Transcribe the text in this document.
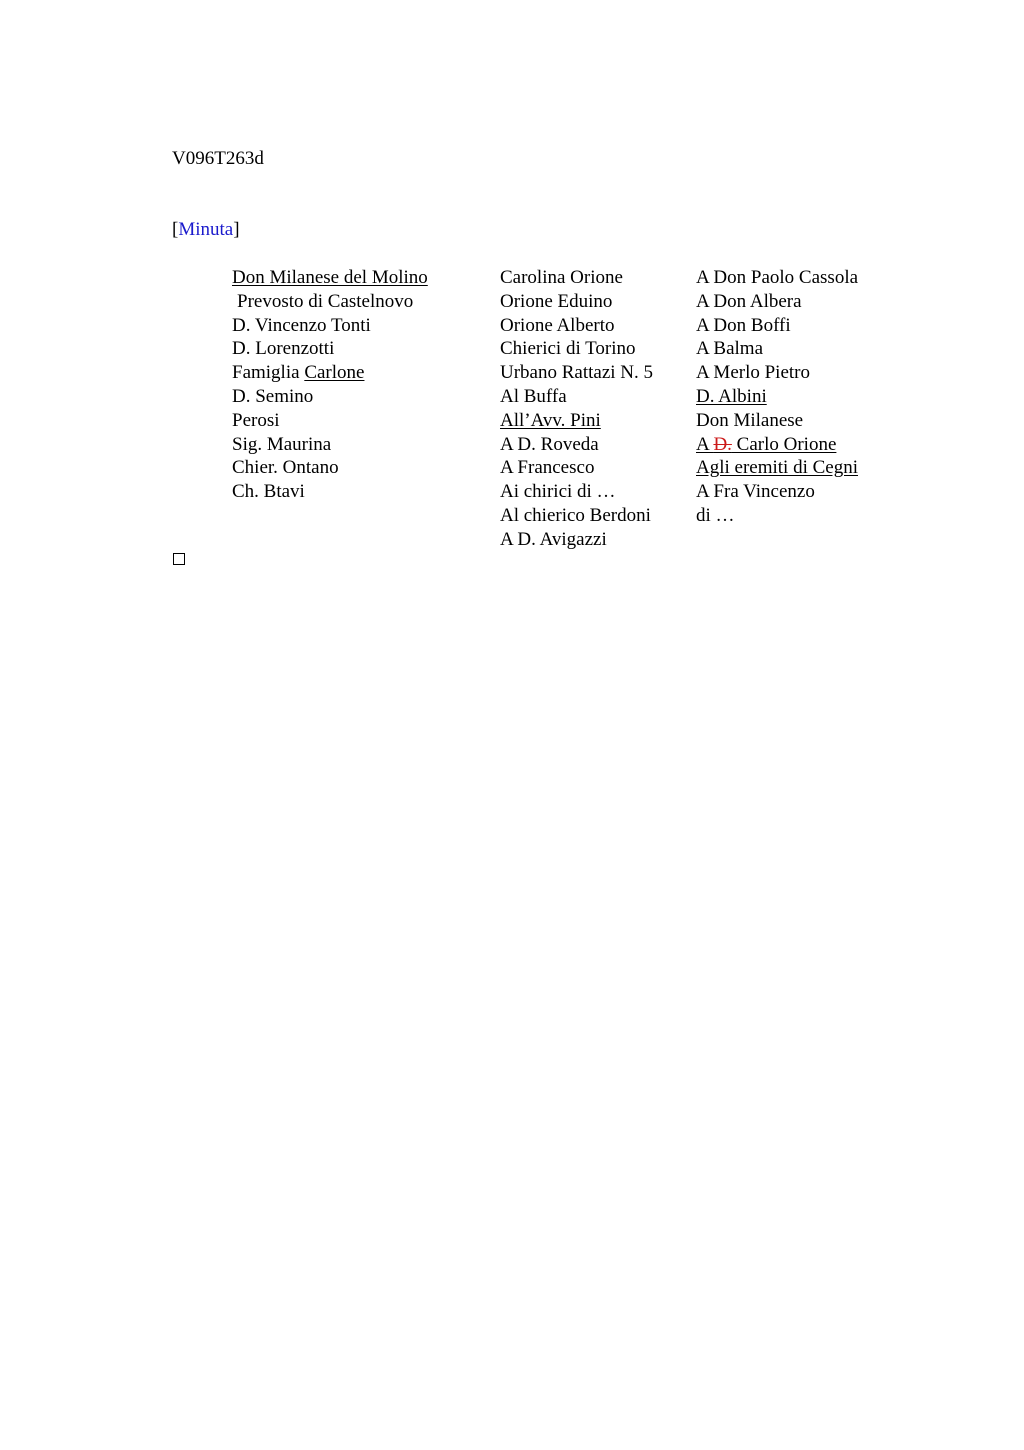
V096T263d
[Minuta]
Don Milanese del Molino
Prevosto di Castelnovo
D. Vincenzo Tonti
D. Lorenzotti
Famiglia Carlone
D. Semino
Perosi
Sig. Maurina
Chier. Ontano
Ch. Btavi
Carolina Orione
Orione Eduino
Orione Alberto
Chierici di Torino
Urbano Rattazi N. 5
Al Buffa
All’Avv. Pini
A D. Roveda
A Francesco
Ai chirici di …
Al chierico Berdoni
A D. Avigazzi
A Don Paolo Cassola
A Don Albera
A Don Boffi
A Balma
A Merlo Pietro
D. Albini
Don Milanese
A D. Carlo Orione
Agli eremiti di Cegni
A Fra Vincenzo
di …
